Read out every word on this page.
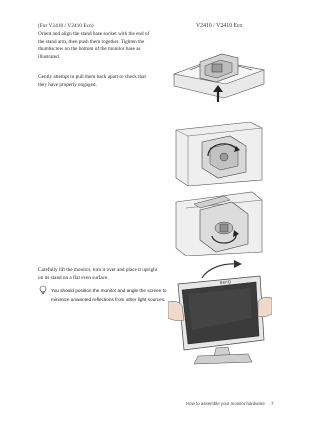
(For V2410 / V2410 Eco)
Orient and align the stand base socket with the end of the stand arm, then push them together. Tighten the thumbscrew on the bottom of the monitor base as illustrated.
Gently attempt to pull them back apart to check that they have properly engaged.
V2410 / V2410 Eco
Carefully lift the monitor, turn it over and place it upright on its stand on a flat even surface.
You should position the monitor and angle the screen to minimize unwanted reflections from other light sources.
BenQ
How to assemble your monitor hardware 7
